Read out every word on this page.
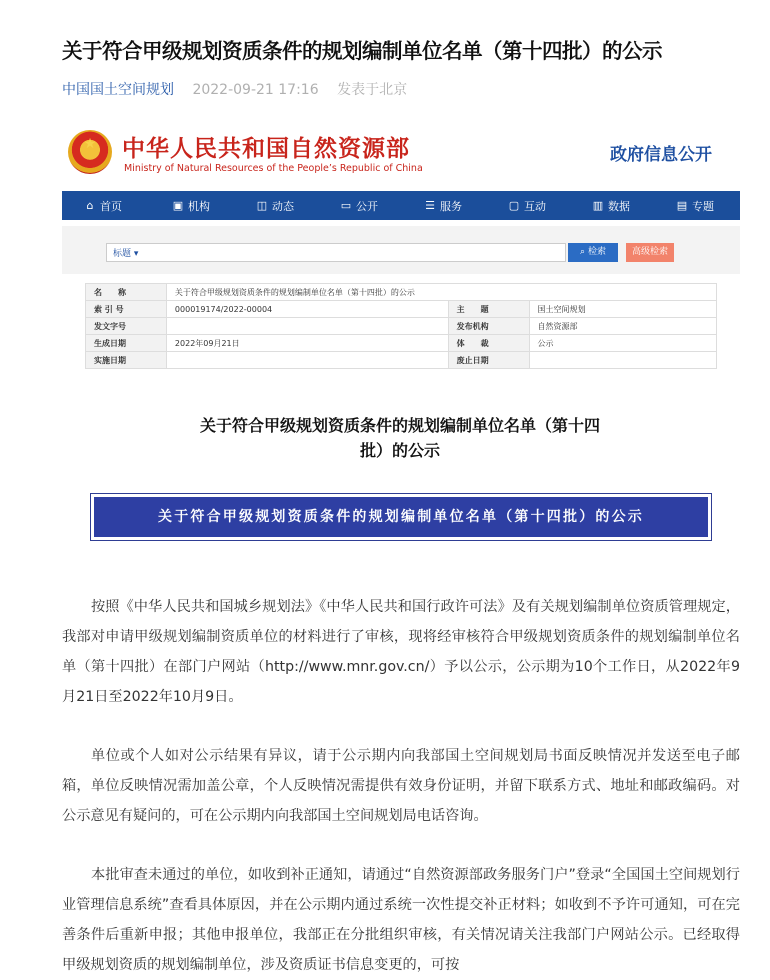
关于符合甲级规划资质条件的规划编制单位名单（第十四批）的公示
中国国土空间规划 2022-09-21 17:16 发表于北京
★
中华人民共和国自然资源部
Ministry of Natural Resources of the People’s Republic of China
政府信息公开
⌂ 首页	▣ 机构	◫ 动态	▭ 公开	☰ 服务	▢ 互动	▥ 数据	▤ 专题
标题 ▾	⌕ 检索	高级检索
名　　称	关于符合甲级规划资质条件的规划编制单位名单（第十四批）的公示		
索 引 号	000019174/2022-00004	主　　题	国土空间规划
发文字号		发布机构	自然资源部
生成日期	2022年09月21日	体　　裁	公示
实施日期		废止日期	
关于符合甲级规划资质条件的规划编制单位名单（第十四
批）的公示
关于符合甲级规划资质条件的规划编制单位名单（第十四批）的公示
按照《中华人民共和国城乡规划法》《中华人民共和国行政许可法》及有关规划编制单位资质管理规定，我部对申请甲级规划编制资质单位的材料进行了审核，现将经审核符合甲级规划资质条件的规划编制单位名单（第十四批）在部门户网站（http://www.mnr.gov.cn/）予以公示，公示期为10个工作日，从2022年9月21日至2022年10月9日。
单位或个人如对公示结果有异议，请于公示期内向我部国土空间规划局书面反映情况并发送至电子邮箱，单位反映情况需加盖公章，个人反映情况需提供有效身份证明，并留下联系方式、地址和邮政编码。对公示意见有疑问的，可在公示期内向我部国土空间规划局电话咨询。
本批审查未通过的单位，如收到补正通知，请通过“自然资源部政务服务门户”登录“全国国土空间规划行业管理信息系统”查看具体原因，并在公示期内通过系统一次性提交补正材料；如收到不予许可通知，可在完善条件后重新申报；其他申报单位，我部正在分批组织审核，有关情况请关注我部门户网站公示。已经取得甲级规划资质的规划编制单位，涉及资质证书信息变更的，可按
